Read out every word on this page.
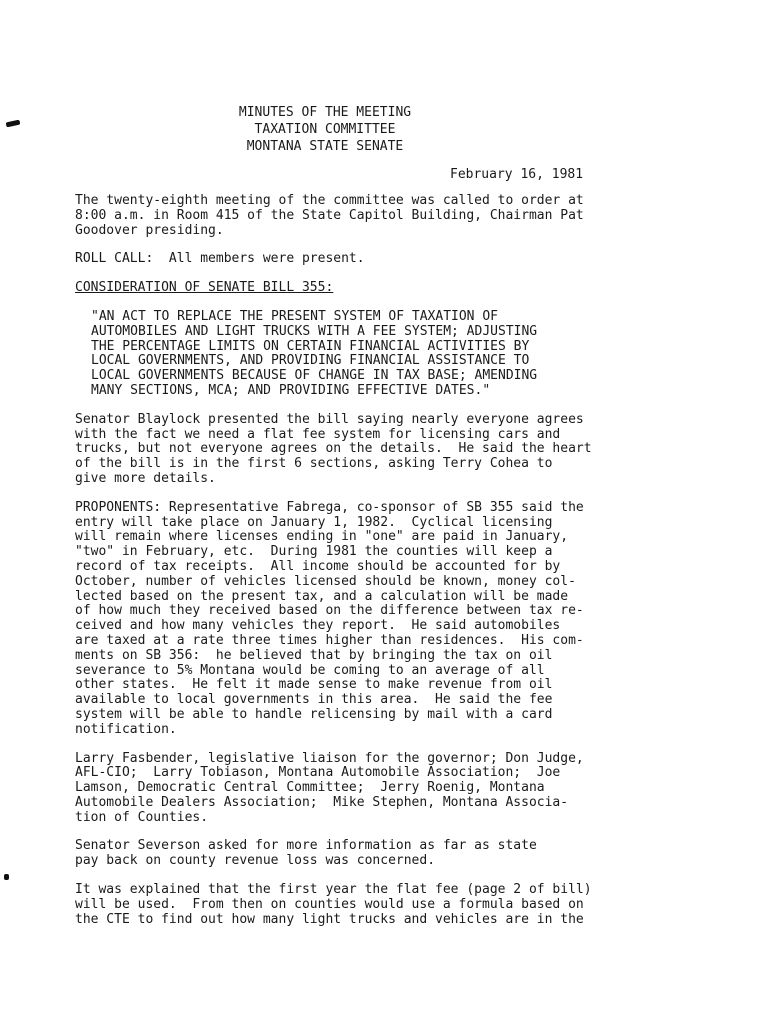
MINUTES OF THE MEETING
TAXATION COMMITTEE
MONTANA STATE SENATE
February 16, 1981

The twenty-eighth meeting of the committee was called to order at
8:00 a.m. in Room 415 of the State Capitol Building, Chairman Pat
Goodover presiding.

ROLL CALL:  All members were present.

CONSIDERATION OF SENATE BILL 355:

"AN ACT TO REPLACE THE PRESENT SYSTEM OF TAXATION OF
AUTOMOBILES AND LIGHT TRUCKS WITH A FEE SYSTEM; ADJUSTING
THE PERCENTAGE LIMITS ON CERTAIN FINANCIAL ACTIVITIES BY
LOCAL GOVERNMENTS, AND PROVIDING FINANCIAL ASSISTANCE TO
LOCAL GOVERNMENTS BECAUSE OF CHANGE IN TAX BASE; AMENDING
MANY SECTIONS, MCA; AND PROVIDING EFFECTIVE DATES."

Senator Blaylock presented the bill saying nearly everyone agrees
with the fact we need a flat fee system for licensing cars and
trucks, but not everyone agrees on the details.  He said the heart
of the bill is in the first 6 sections, asking Terry Cohea to
give more details.

PROPONENTS: Representative Fabrega, co-sponsor of SB 355 said the
entry will take place on January 1, 1982.  Cyclical licensing
will remain where licenses ending in "one" are paid in January,
"two" in February, etc.  During 1981 the counties will keep a
record of tax receipts.  All income should be accounted for by
October, number of vehicles licensed should be known, money col-
lected based on the present tax, and a calculation will be made
of how much they received based on the difference between tax re-
ceived and how many vehicles they report.  He said automobiles
are taxed at a rate three times higher than residences.  His com-
ments on SB 356:  he believed that by bringing the tax on oil
severance to 5% Montana would be coming to an average of all
other states.  He felt it made sense to make revenue from oil
available to local governments in this area.  He said the fee
system will be able to handle relicensing by mail with a card
notification.

Larry Fasbender, legislative liaison for the governor; Don Judge,
AFL-CIO;  Larry Tobiason, Montana Automobile Association;  Joe
Lamson, Democratic Central Committee;  Jerry Roenig, Montana
Automobile Dealers Association;  Mike Stephen, Montana Associa-
tion of Counties.

Senator Severson asked for more information as far as state
pay back on county revenue loss was concerned.

It was explained that the first year the flat fee (page 2 of bill)
will be used.  From then on counties would use a formula based on
the CTE to find out how many light trucks and vehicles are in the
